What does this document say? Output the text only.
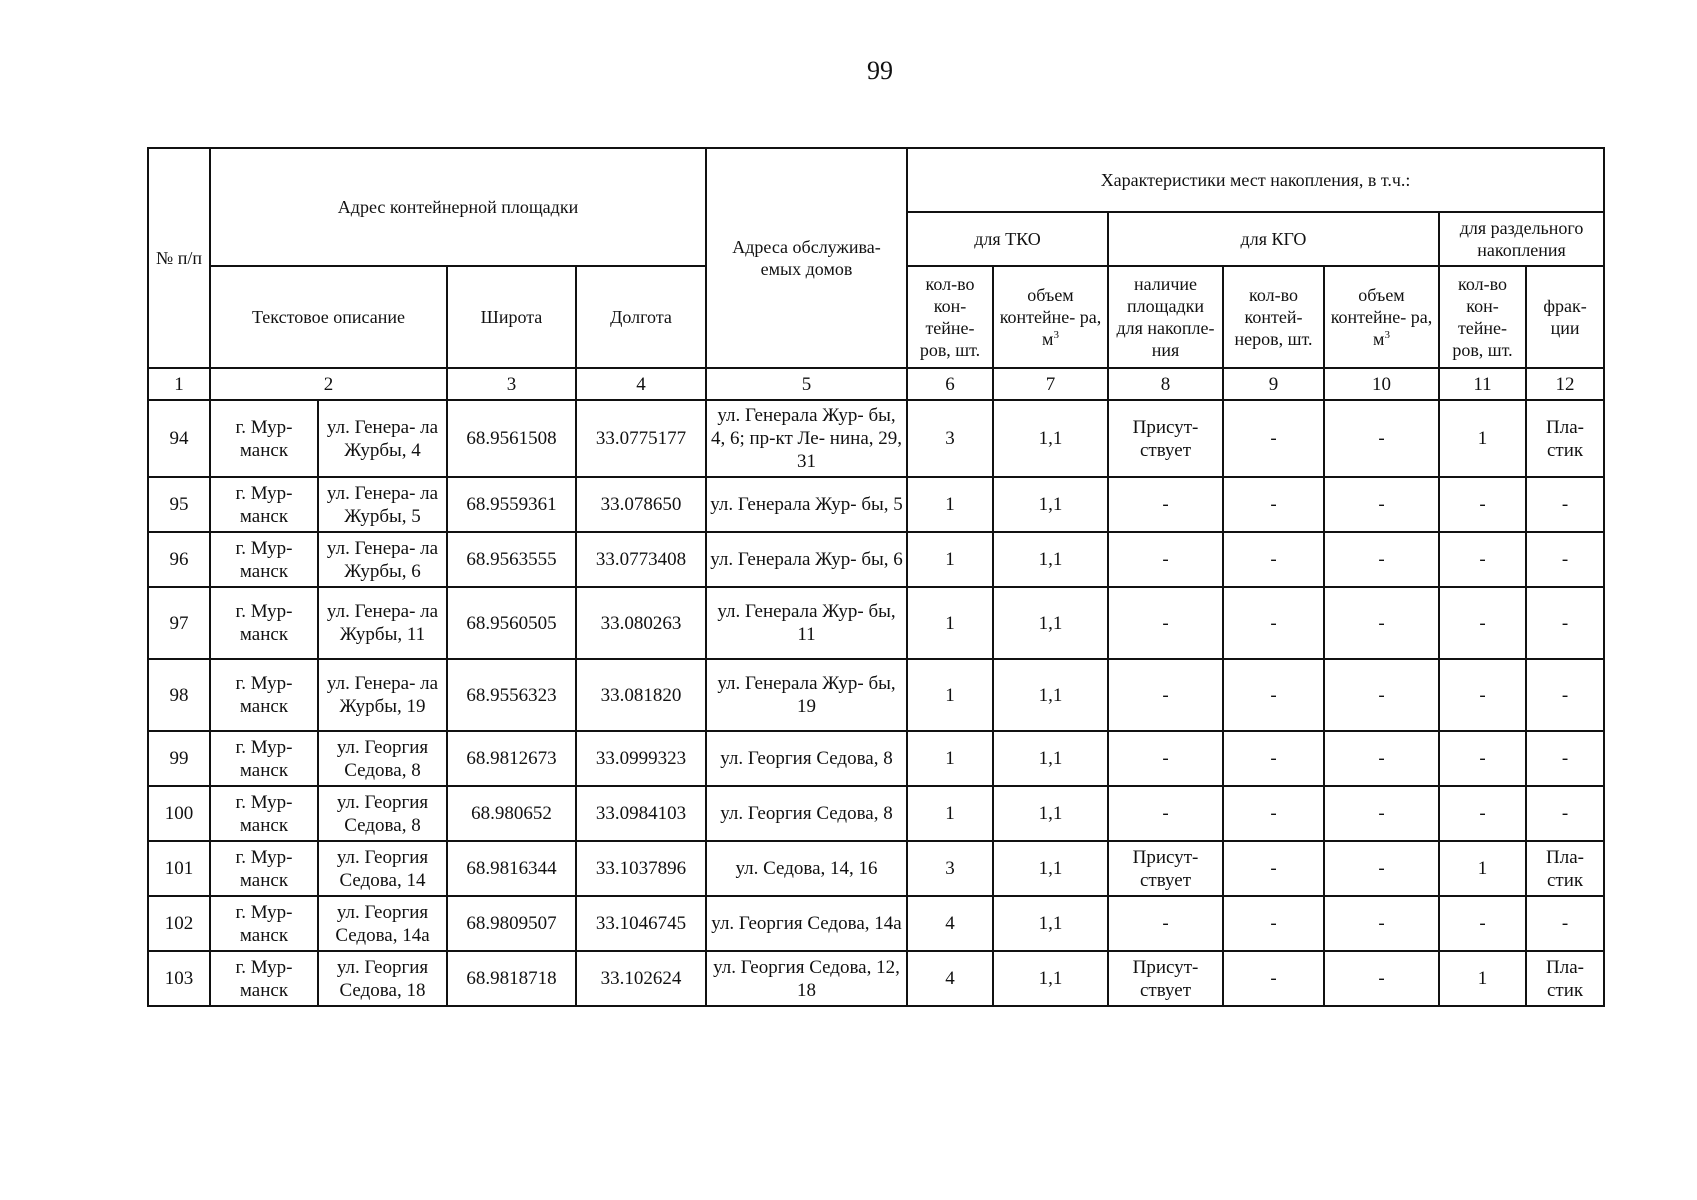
99
№ п/п	Адрес контейнерной площадки				Адреса обслужива- емых домов	Характеристики мест накопления, в т.ч.:						
						для ТКО		для КГО			для раздельного накопления	
						кол-во кон- тейне- ров, шт.	объем контейне- ра, $м^3$	наличие площадки для накопле- ния	кол-во контей- неров, шт.	объем контейне- ра, $м^3$	кол-во кон- тейне- ров, шт.	фрак- ции
	Текстовое описание		Широта	Долгота								
1	2		3	4	5	6	7	8	9	10	11	12
94	г. Мур- манск	ул. Генера- ла Журбы, 4	68.9561508	33.0775177	ул. Генерала Жур- бы, 4, 6; пр-кт Ле- нина, 29, 31	3	1,1	Присут- ствует	-	-	1	Пла- стик
95	г. Мур- манск	ул. Генера- ла Журбы, 5	68.9559361	33.078650	ул. Генерала Жур- бы, 5	1	1,1	-	-	-	-	-
96	г. Мур- манск	ул. Генера- ла Журбы, 6	68.9563555	33.0773408	ул. Генерала Жур- бы, 6	1	1,1	-	-	-	-	-
97	г. Мур- манск	ул. Генера- ла Журбы, 11	68.9560505	33.080263	ул. Генерала Жур- бы, 11	1	1,1	-	-	-	-	-
98	г. Мур- манск	ул. Генера- ла Журбы, 19	68.9556323	33.081820	ул. Генерала Жур- бы, 19	1	1,1	-	-	-	-	-
99	г. Мур- манск	ул. Георгия Седова, 8	68.9812673	33.0999323	ул. Георгия Седова, 8	1	1,1	-	-	-	-	-
100	г. Мур- манск	ул. Георгия Седова, 8	68.980652	33.0984103	ул. Георгия Седова, 8	1	1,1	-	-	-	-	-
101	г. Мур- манск	ул. Георгия Седова, 14	68.9816344	33.1037896	ул. Седова, 14, 16	3	1,1	Присут- ствует	-	-	1	Пла- стик
102	г. Мур- манск	ул. Георгия Седова, 14а	68.9809507	33.1046745	ул. Георгия Седова, 14а	4	1,1	-	-	-	-	-
103	г. Мур- манск	ул. Георгия Седова, 18	68.9818718	33.102624	ул. Георгия Седова, 12, 18	4	1,1	Присут- ствует	-	-	1	Пла- стик
